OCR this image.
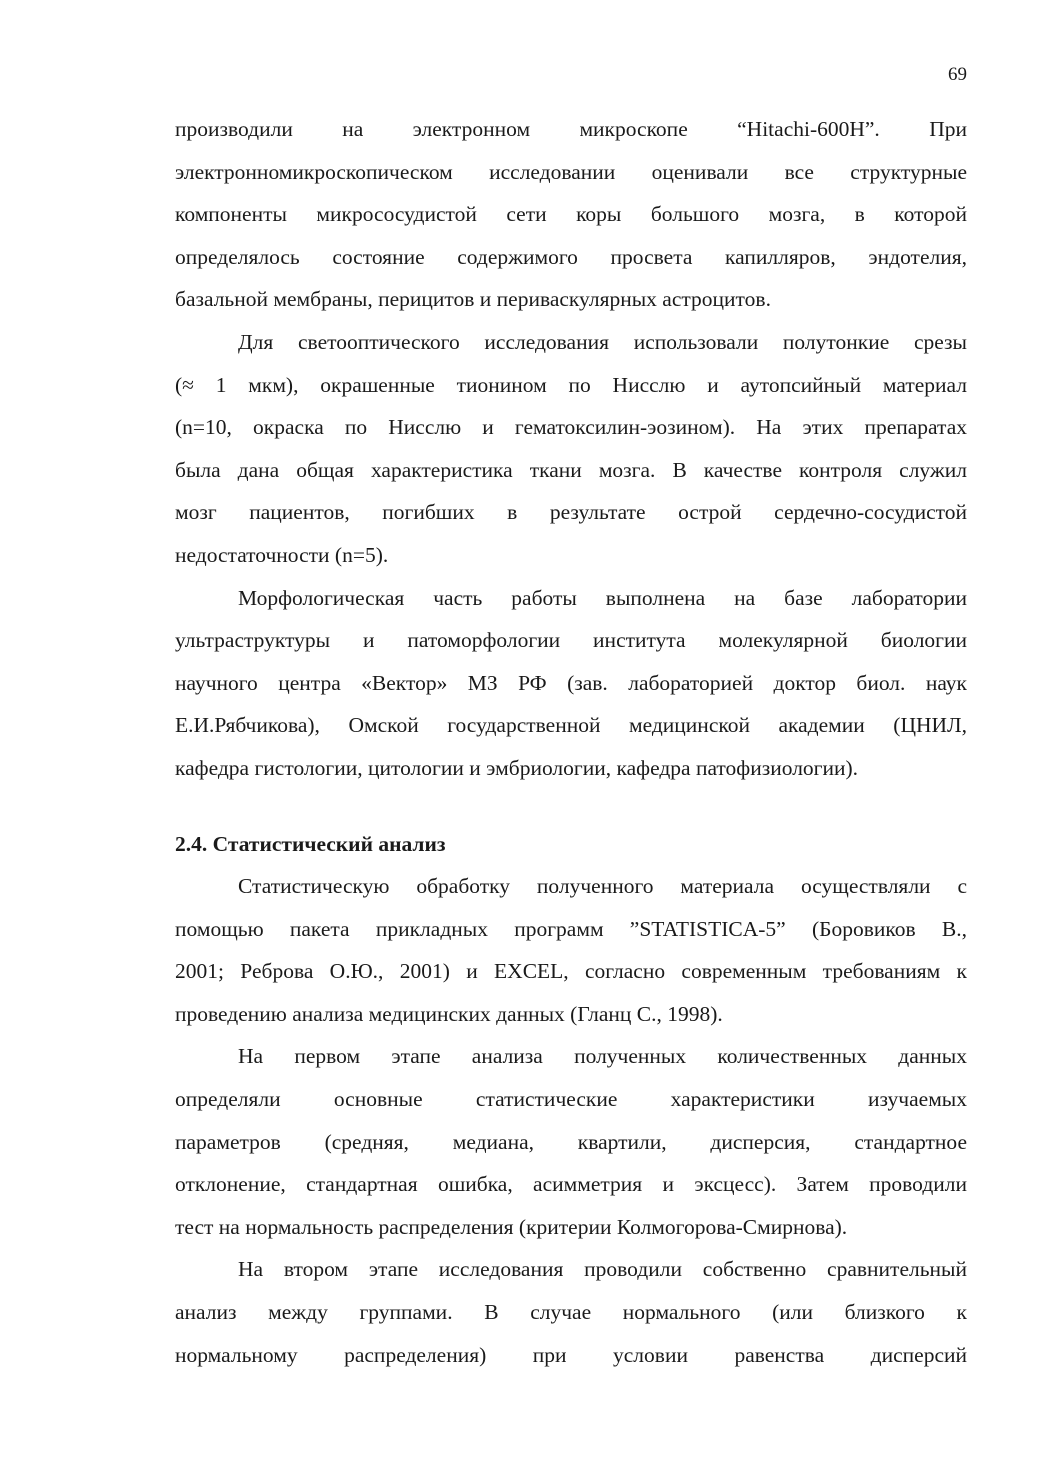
69

производили на электронном микроскопе “Hitachi-600H”. При
электронномикроскопическом исследовании оценивали все структурные
компоненты микрососудистой сети коры большого мозга, в которой
определялось состояние содержимого просвета капилляров, эндотелия,
базальной мембраны, перицитов и периваскулярных астроцитов.

Для светооптического исследования использовали полутонкие срезы
(≈ 1 мкм), окрашенные тионином по Нисслю и аутопсийный материал
(n=10, окраска по Нисслю и гематоксилин-эозином). На этих препаратах
была дана общая характеристика ткани мозга. В качестве контроля служил
мозг пациентов, погибших в результате острой сердечно-сосудистой
недостаточности (n=5).

Морфологическая часть работы выполнена на базе лаборатории
ультраструктуры и патоморфологии института молекулярной биологии
научного центра «Вектор» МЗ РФ (зав. лабораторией доктор биол. наук
Е.И.Рябчикова), Омской государственной медицинской академии (ЦНИЛ,
кафедра гистологии, цитологии и эмбриологии, кафедра патофизиологии).

2.4. Статистический анализ

Статистическую обработку полученного материала осуществляли с
помощью пакета прикладных программ ”STATISTICA-5” (Боровиков В.,
2001; Реброва О.Ю., 2001) и EXCEL, согласно современным требованиям к
проведению анализа медицинских данных (Гланц С., 1998).

На первом этапе анализа полученных количественных данных
определяли основные статистические характеристики изучаемых
параметров (средняя, медиана, квартили, дисперсия, стандартное
отклонение, стандартная ошибка, асимметрия и эксцесс). Затем проводили
тест на нормальность распределения (критерии Колмогорова-Смирнова).

На втором этапе исследования проводили собственно сравнительный
анализ между группами. В случае нормального (или близкого к
нормальному распределения) при условии равенства дисперсий
